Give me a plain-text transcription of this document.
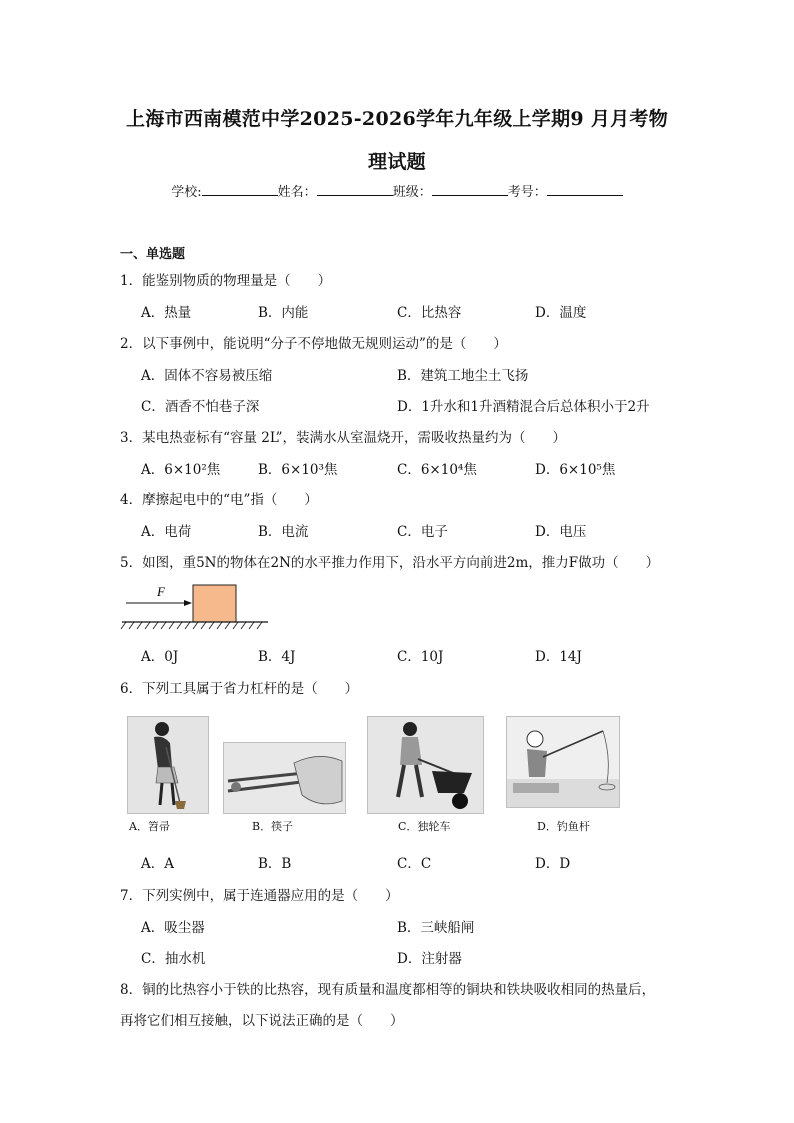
上海市西南模范中学2025-2026学年九年级上学期9 月月考物
理试题
学校:	姓名：	班级：	考号：
一、单选题
1．能鉴别物质的物理量是（　　）
A．热量	B．内能	C．比热容	D．温度
2．以下事例中，能说明“分子不停地做无规则运动”的是（　　）
A．固体不容易被压缩	B．建筑工地尘土飞扬
C．酒香不怕巷子深	D．1升水和1升酒精混合后总体积小于2升
3．某电热壶标有“容量 2L”，装满水从室温烧开，需吸收热量约为（　　）
A．6×10²焦	B．6×10³焦	C．6×10⁴焦	D．6×10⁵焦
4．摩擦起电中的“电”指（　　）
A．电荷	B．电流	C．电子	D．电压
5．如图，重5N的物体在2N的水平推力作用下，沿水平方向前进2m，推力F做功（　　）
F
A．0J	B．4J	C．10J	D．14J
6．下列工具属于省力杠杆的是（　　）
A．笤帚	B．筷子	C．独轮车	D．钓鱼杆
A．A	B．B	C．C	D．D
7．下列实例中，属于连通器应用的是（　　）
A．吸尘器	B．三峡船闸
C．抽水机	D．注射器
8．铜的比热容小于铁的比热容，现有质量和温度都相等的铜块和铁块吸收相同的热量后，
再将它们相互接触，以下说法正确的是（　　）
